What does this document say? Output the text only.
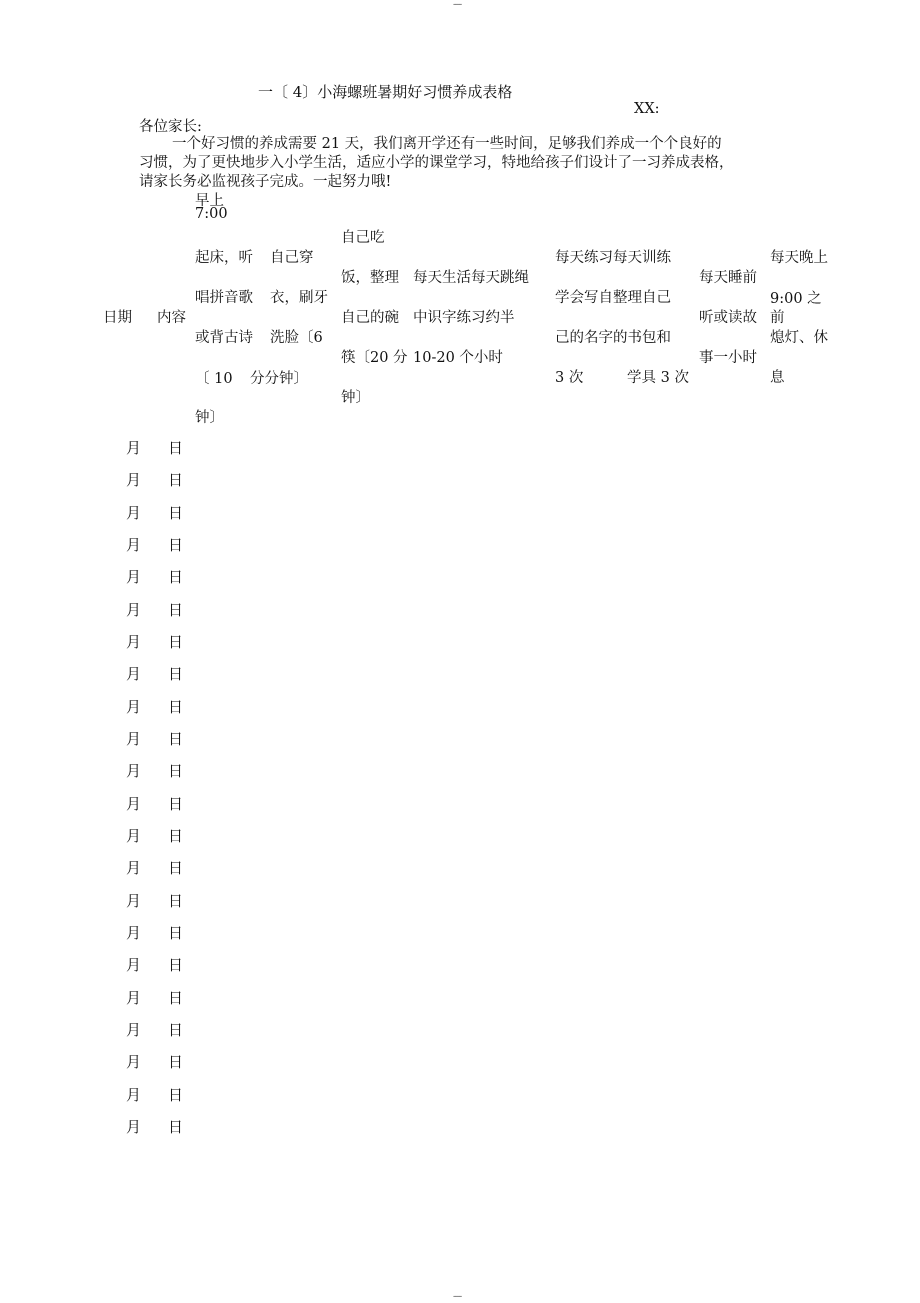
----
----
一〔 4〕小海螺班暑期好习惯养成表格
XX:
各位家长:
一个好习惯的养成需要 21 天，我们离开学还有一些时间，足够我们养成一个个良好的
习惯，为了更快地步入小学生活，适应小学的课堂学习，特地给孩子们设计了一习养成表格，
请家长务必监视孩子完成。一起努力哦!
日期 内容
早上
7:00
起床，听
唱拼音歌
或背古诗
〔 10
钟〕
自己穿
衣，刷牙
洗脸〔6
分分钟〕
自己吃
饭，整理
自己的碗
筷〔20 分
钟〕
每天生活每天跳绳
中识字练习约半
10-20 个小时
每天练习每天训练
学会写自整理自己
己的名字的书包和
3 次	学具 3 次
每天睡前
听或读故
事一小时
每天晚上
9:00 之
前
熄灯、休
息
月 日
月 日
月 日
月 日
月 日
月 日
月 日
月 日
月 日
月 日
月 日
月 日
月 日
月 日
月 日
月 日
月 日
月 日
月 日
月 日
月 日
月 日
